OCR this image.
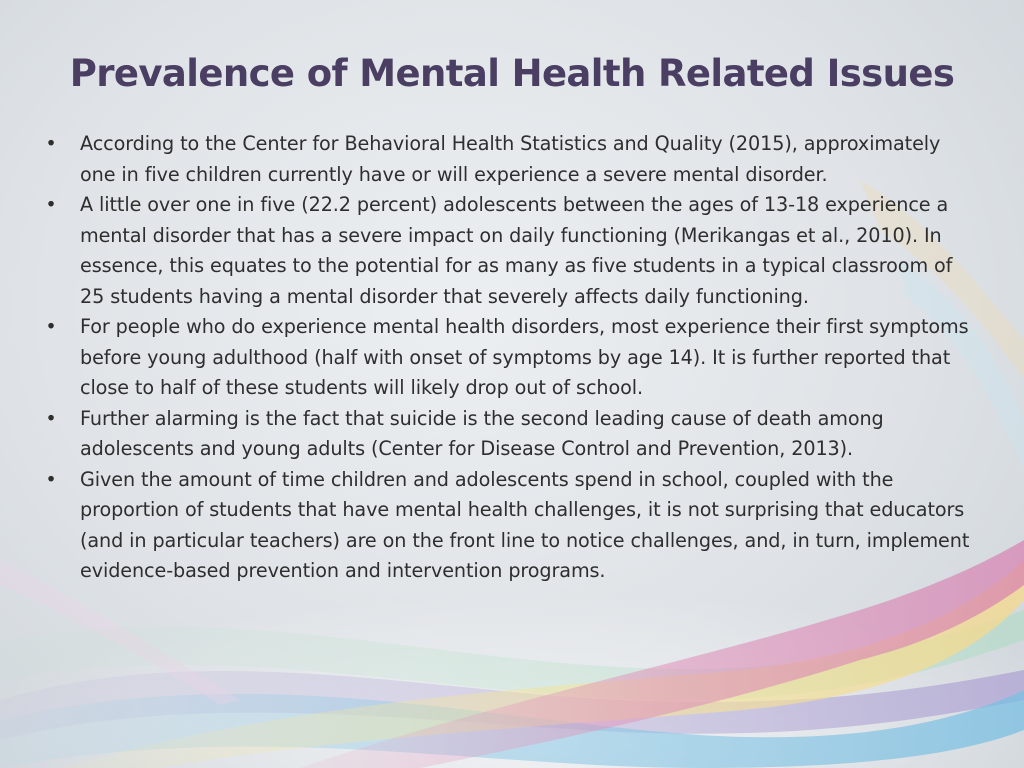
Prevalence of Mental Health Related Issues
• According to the Center for Behavioral Health Statistics and Quality (2015), approximately one in five children currently have or will experience a severe mental disorder.
• A little over one in five (22.2 percent) adolescents between the ages of 13-18 experience a mental disorder that has a severe impact on daily functioning (Merikangas et al., 2010). In essence, this equates to the potential for as many as five students in a typical classroom of 25 students having a mental disorder that severely affects daily functioning.
• For people who do experience mental health disorders, most experience their first symptoms before young adulthood (half with onset of symptoms by age 14). It is further reported that close to half of these students will likely drop out of school.
• Further alarming is the fact that suicide is the second leading cause of death among adolescents and young adults (Center for Disease Control and Prevention, 2013).
• Given the amount of time children and adolescents spend in school, coupled with the proportion of students that have mental health challenges, it is not surprising that educators (and in particular teachers) are on the front line to notice challenges, and, in turn, implement evidence-based prevention and intervention programs.
